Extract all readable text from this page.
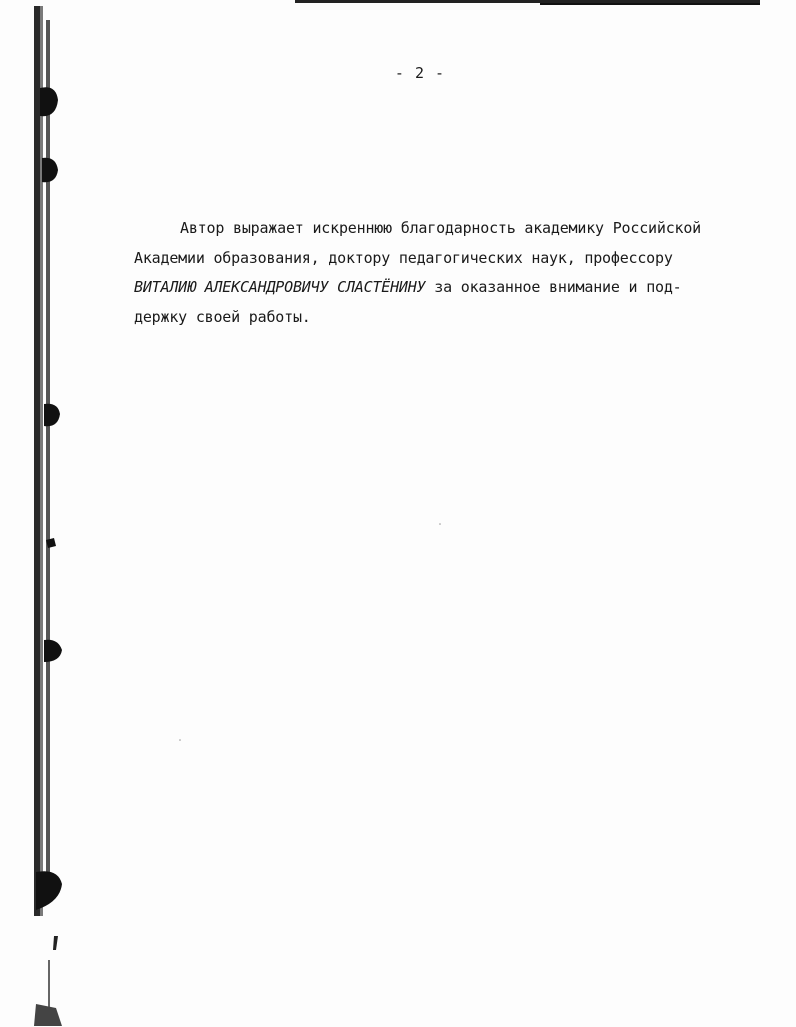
- 2 -

Автор выражает искреннюю благодарность академику Российской
Академии образования, доктору педагогических наук, профессору
ВИТАЛИЮ АЛЕКСАНДРОВИЧУ СЛАСТЁНИНУ за оказанное внимание и под-
держку своей работы.
